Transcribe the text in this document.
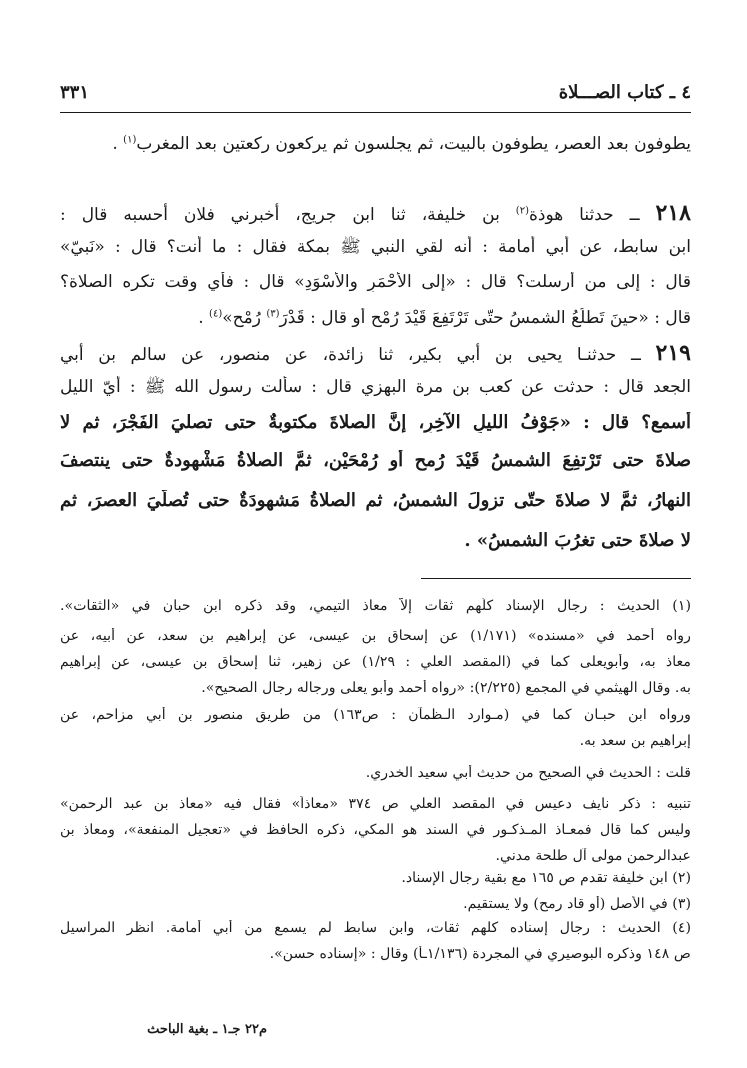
٣٣١	٤ ـ كتاب الصـــلاة
يطوفون بعد العصر، يطوفون بالبيت، ثم يجلسون ثم يركعون ركعتين بعد المغرب$^{(١)}$ .
٢١٨ ــ حدثنا هوذة$^{(٢)}$ بن خليفة، ثنا ابن جريج، أخبرني فلان أحسبه قال :
ابن سابط، عن أبي أمامة : أنه لقي النبي ﷺ بمكة فقال : ما أنت؟ قال : «نَبيّ»
قال : إلى من أرسلت؟ قال : «إلى الأحْمَرِ والأسْوَدِ» قال : فأي وقت تكره الصلاة؟
قال : «حينَ تَطلُعُ الشمسُ حتّى تَرْتَفِعَ قَيْدَ رُمْحٍ أو قال : قَدْرَ$^{(٣)}$ رُمْحٍ»$^{(٤)}$ .
٢١٩ ــ حدثنـا يحيى بن أبي بكير، ثنا زائدة، عن منصور، عن سالم بن أبي
الجعد قال : حدثت عن كعب بن مرة البهزي قال : سألت رسول الله ﷺ : أيّ الليل
أسمع؟ قال : «جَوْفُ الليلِ الآخِرِ، إنَّ الصلاةَ مكتوبةٌ حتى تصليَ الفَجْرَ، ثم لا
صلاةَ حتى تَرْتفِعَ الشمسُ قَيْدَ رُمحٍ أو رُمْحَيْنِ، ثمَّ الصلاةُ مَشْهودةٌ حتى ينتصفَ
النهارُ، ثمَّ لا صلاةَ حتّى تزولَ الشمسُ، ثم الصلاةُ مَشهودَةٌ حتى تُصلّيَ العصرَ، ثم
لا صلاةَ حتى تغرُبَ الشمسُ» .
(١) الحديث : رجال الإسناد كلّهم ثقات إلاّ معاذ التيمي، وقد ذكره ابن حبان في «الثقات».
رواه أحمد في «مسنده» (١/١٧١) عن إسحاق بن عيسى، عن إبراهيم بن سعد، عن أبيه، عن
معاذ به، وأبويعلى كما في (المقصد العلي : ١/٢٩) عن زهير، ثنا إسحاق بن عيسى، عن إبراهيم
به. وقال الهيثمي في المجمع (٢/٢٢٥): «رواه أحمد وأبو يعلى ورجاله رجال الصحيح».
ورواه ابن حبـان كما في (مـوارد الـظمآن : ص١٦٣) من طريق منصور بن أبي مزاحم، عن
إبراهيم بن سعد به.
قلت : الحديث في الصحيح من حديث أبي سعيد الخدري.
تنبيه : ذكر نايف دعيس في المقصد العلي ص ٣٧٤ «معاذاً» فقال فيه «معاذ بن عبد الرحمن»
وليس كما قال فمعـاذ المـذكـور في السند هو المكي، ذكره الحافظ في «تعجيل المنفعة»، ومعاذ بن
عبدالرحمن مولى آل طلحة مدني.
(٢) ابن خليفة تقدم ص ١٦٥ مع بقية رجال الإسناد.
(٣) في الأصل (أو قاد رمح) ولا يستقيم.
(٤) الحديث : رجال إسناده كلهم ثقات، وابن سابط لم يسمع من أبي أمامة. انظر المراسيل
ص ١٤٨ وذكره البوصيري في المجردة (١/١٣٦ـأ) وقال : «إسناده حسن».
م٢٢ جـ١ ـ بغية الباحث
